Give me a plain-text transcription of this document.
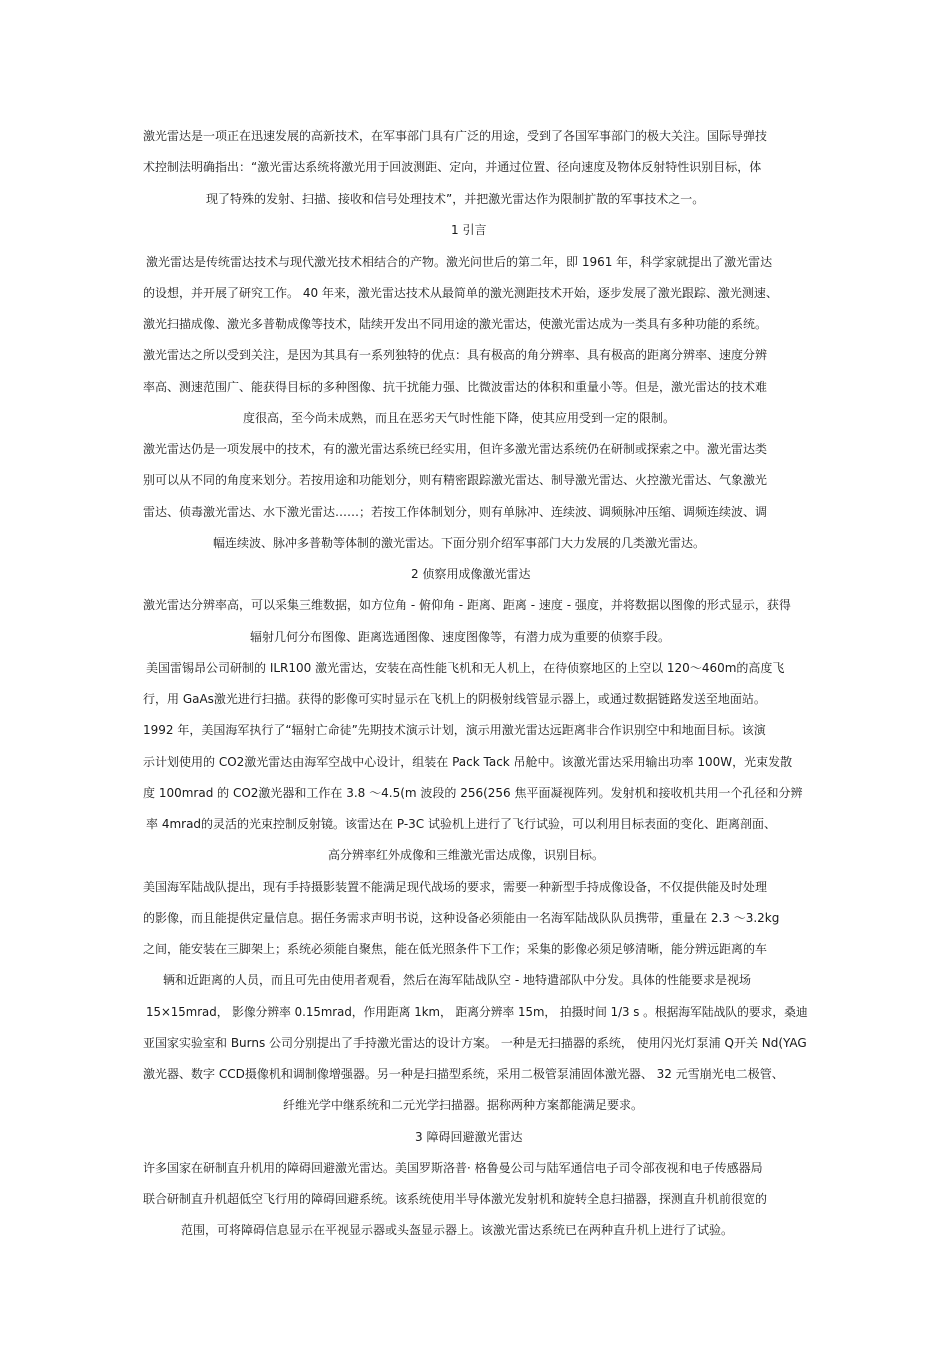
激光雷达是一项正在迅速发展的高新技术，在军事部门具有广泛的用途，受到了各国军事部门的极大关注。国际导弹技
术控制法明确指出：“激光雷达系统将激光用于回波测距、定向，并通过位置、径向速度及物体反射特性识别目标，体
现了特殊的发射、扫描、接收和信号处理技术”，并把激光雷达作为限制扩散的军事技术之一。
1 引言
激光雷达是传统雷达技术与现代激光技术相结合的产物。激光问世后的第二年，即 1961 年，科学家就提出了激光雷达
的设想，并开展了研究工作。 40 年来，激光雷达技术从最简单的激光测距技术开始，逐步发展了激光跟踪、激光测速、
激光扫描成像、激光多普勒成像等技术，陆续开发出不同用途的激光雷达，使激光雷达成为一类具有多种功能的系统。
激光雷达之所以受到关注，是因为其具有一系列独特的优点：具有极高的角分辨率、具有极高的距离分辨率、速度分辨
率高、测速范围广、能获得目标的多种图像、抗干扰能力强、比微波雷达的体积和重量小等。但是，激光雷达的技术难
度很高，至今尚未成熟，而且在恶劣天气时性能下降，使其应用受到一定的限制。
激光雷达仍是一项发展中的技术，有的激光雷达系统已经实用，但许多激光雷达系统仍在研制或探索之中。激光雷达类
别可以从不同的角度来划分。若按用途和功能划分，则有精密跟踪激光雷达、制导激光雷达、火控激光雷达、气象激光
雷达、侦毒激光雷达、水下激光雷达……；若按工作体制划分，则有单脉冲、连续波、调频脉冲压缩、调频连续波、调
幅连续波、脉冲多普勒等体制的激光雷达。下面分别介绍军事部门大力发展的几类激光雷达。
2 侦察用成像激光雷达
激光雷达分辨率高，可以采集三维数据，如方位角 - 俯仰角 - 距离、距离 - 速度 - 强度，并将数据以图像的形式显示，获得
辐射几何分布图像、距离选通图像、速度图像等，有潜力成为重要的侦察手段。
美国雷锡昂公司研制的 ILR100 激光雷达，安装在高性能飞机和无人机上，在待侦察地区的上空以 120～460m的高度飞
行，用 GaAs激光进行扫描。获得的影像可实时显示在飞机上的阴极射线管显示器上，或通过数据链路发送至地面站。
1992 年，美国海军执行了“辐射亡命徒”先期技术演示计划，演示用激光雷达远距离非合作识别空中和地面目标。该演
示计划使用的 CO2激光雷达由海军空战中心设计，组装在 Pack Tack 吊舱中。该激光雷达采用输出功率 100W，光束发散
度 100mrad 的 CO2激光器和工作在 3.8 ～4.5(m 波段的 256(256 焦平面凝视阵列。发射机和接收机共用一个孔径和分辨
率 4mrad的灵活的光束控制反射镜。该雷达在 P-3C 试验机上进行了飞行试验，可以利用目标表面的变化、距离剖面、
高分辨率红外成像和三维激光雷达成像，识别目标。
美国海军陆战队提出，现有手持摄影装置不能满足现代战场的要求，需要一种新型手持成像设备，不仅提供能及时处理
的影像，而且能提供定量信息。据任务需求声明书说，这种设备必须能由一名海军陆战队队员携带，重量在 2.3 ～3.2kg
之间，能安装在三脚架上；系统必须能自聚焦，能在低光照条件下工作；采集的影像必须足够清晰，能分辨远距离的车
辆和近距离的人员，而且可先由使用者观看，然后在海军陆战队空 - 地特遣部队中分发。具体的性能要求是视场
15×15mrad， 影像分辨率 0.15mrad，作用距离 1km， 距离分辨率 15m， 拍摄时间 1/3 s 。根据海军陆战队的要求，桑迪
亚国家实验室和 Burns 公司分别提出了手持激光雷达的设计方案。 一种是无扫描器的系统， 使用闪光灯泵浦 Q开关 Nd(YAG
激光器、数字 CCD摄像机和调制像增强器。另一种是扫描型系统，采用二极管泵浦固体激光器、 32 元雪崩光电二极管、
纤维光学中继系统和二元光学扫描器。据称两种方案都能满足要求。
3 障碍回避激光雷达
许多国家在研制直升机用的障碍回避激光雷达。美国罗斯洛普· 格鲁曼公司与陆军通信电子司令部夜视和电子传感器局
联合研制直升机超低空飞行用的障碍回避系统。该系统使用半导体激光发射机和旋转全息扫描器，探测直升机前很宽的
范围，可将障碍信息显示在平视显示器或头盔显示器上。该激光雷达系统已在两种直升机上进行了试验。
